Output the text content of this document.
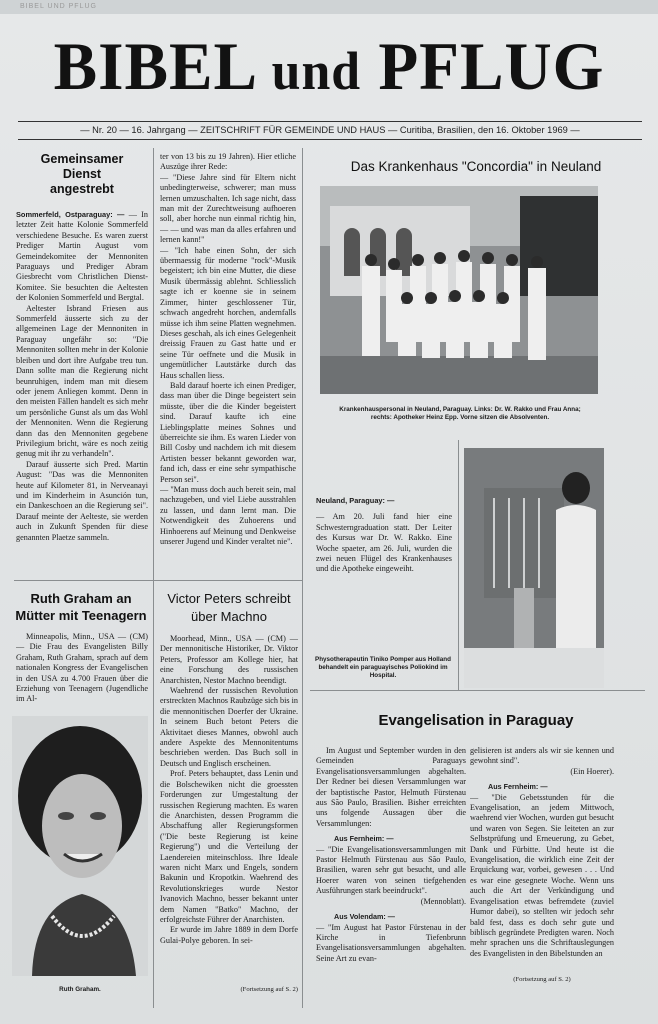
BIBEL UND PFLUG
BIBEL und PFLUG
— Nr. 20 — 16. Jahrgang — ZEITSCHRIFT FÜR GEMEINDE UND HAUS — Curitiba, Brasilien, den 16. Oktober 1969 —
Gemeinsamer
Dienst
angestrebt
Sommerfeld, Ostparaguay: — — In letzter Zeit hatte Kolonie Sommerfeld verschiedene Besuche. Es waren zuerst Prediger Martin August vom Gemeindekomitee der Mennoniten Paraguays und Prediger Abram Giesbrecht vom Christlichen Dienst-Komitee. Sie besuchten die Aeltesten der Kolonien Sommerfeld und Bergtal.

Aeltester Isbrand Friesen aus Sommerfeld äusserte sich zu der allgemeinen Lage der Mennoniten in Paraguay ungefähr so: "Die Mennoniten sollten mehr in der Kolonie bleiben und dort ihre Aufgabe treu tun. Dann sollte man die Regierung nicht beunruhigen, indem man mit diesem oder jenem Anliegen kommt. Denn in den meisten Fällen handelt es sich mehr um persönliche Gunst als um das Wohl der Mennoniten. Wenn die Regierung dann das den Mennoniten gegebene Privilegium bricht, wäre es noch zeitig genug mit ihr zu verhandeln".

Darauf äusserte sich Pred. Martin August: "Das was die Mennoniten heute auf Kilometer 81, in Nerveanayi und im Kinderheim in Asunción tun, ein Dankeschoen an die Regierung sei". Darauf meinte der Aelteste, sie werden auch in Zukunft Spenden für diese genannten Plaetze sammeln.

ter von 13 bis zu 19 Jahren). Hier etliche Auszüge ihrer Rede:

— "Diese Jahre sind für Eltern nicht unbedingterweise, schwerer; man muss lernen umzuschalten. Ich sage nicht, dass man mit der Zurechtweisung aufhoeren soll, aber horche nun einmal richtig hin, — — und was man da alles erfahren und lernen kann!"

— "Ich habe einen Sohn, der sich übermaessig für moderne "rock"-Musik begeistert; ich bin eine Mutter, die diese Musik übermässig ablehnt. Schliesslich sagte ich er koenne sie in seinem Zimmer, hinter geschlossener Tür, schwach angedreht horchen, andernfalls müsse ich ihm seine Platten wegnehmen. Dieses geschah, als ich eines Gelegenheit dreissig Frauen zu Gast hatte und er seine Tür oeffnete und die Musik in ungemütlicher Lautstärke durch das Haus schallen liess.

Bald darauf hoerte ich einen Prediger, dass man über die Dinge begeistert sein müsste, über die die Kinder begeistert sind. Darauf kaufte ich eine Lieblingsplatte meines Sohnes und überreichte sie ihm. Es waren Lieder von Bill Cosby und nachdem ich mit diesem Artisten besser bekannt geworden war, fand ich, dass er eine sehr sympathische Person sei".

— "Man muss doch auch bereit sein, mal nachzugeben, und viel Liebe ausstrahlen zu lassen, und dann lernt man. Die Notwendigkeit des Zuhoerens und Hinhoerens auf Meinung und Denkweise unserer Jugend und Kinder veraltet nie".

Ruth Graham an
Mütter mit Teenagern

Minneapolis, Minn., USA — (CM) — Die Frau des Evangelisten Billy Graham, Ruth Graham, sprach auf dem nationalen Kongress der Evangelischen in den USA zu 4.700 Frauen über die Erziehung von Teenagern (Jugendliche im Al-

Ruth Graham.
Victor Peters schreibt
über Machno

Moorhead, Minn., USA — (CM) — Der mennonitische Historiker, Dr. Viktor Peters, Professor am Kollege hier, hat eine Forschung des russischen Anarchisten, Nestor Machno beendigt.

Waehrend der russischen Revolution erstreckten Machnos Raubzüge sich bis in die mennonitischen Doerfer der Ukraine. In seinem Buch betont Peters die Aktivitaet dieses Mannes, obwohl auch andere Aspekte des Mennonitentums beschrieben werden. Das Buch soll in Deutsch und Englisch erscheinen.

Prof. Peters behauptet, dass Lenin und die Bolschewiken nicht die groessten Forderungen zur Umgestaltung der russischen Regierung machten. Es waren die Anarchisten, dessen Programm die Abschaffung aller Regierungsformen ("Die beste Regierung ist keine Regierung") und die Verteilung der Laendereien miteinschloss. Ihre Ideale waren nicht Marx und Engels, sondern Bakunin und Kropotkin. Waehrend des Revolutionskrieges wurde Nestor Ivanovich Machno, besser bekannt unter dem Namen "Batko" Machno, der erfolgreichste Führer der Anarchisten.

Er wurde im Jahre 1889 in dem Dorfe Gulai-Polye geboren. In sei-

(Fortsetzung auf S. 2)
Das Krankenhaus "Concordia" in Neuland
Krankenhauspersonal in Neuland, Paraguay. Links: Dr. W. Rakko und Frau Anna; rechts: Apotheker Heinz Epp. Vorne sitzen die Absolventen.

Neuland, Paraguay: —

— Am 20. Juli fand hier eine Schwesterngraduation statt. Der Leiter des Kursus war Dr. W. Rakko. Eine Woche spaeter, am 26. Juli, wurden die zwei neuen Flügel des Krankenhauses und die Apotheke eingeweiht.

Physotherapeutin Tiniko Pomper aus Holland behandelt ein paraguayisches Poliokind im Hospital.
Evangelisation in Paraguay

Im August und September wurden in den Gemeinden Paraguays Evangelisationsversammlungen abgehalten. Der Redner bei diesen Versammlungen war der baptistische Pastor, Helmuth Fürstenau aus São Paulo, Brasilien. Bisher erreichten uns folgende Aussagen über die Versammlungen:

Aus Fernheim: —

— "Die Evangelisationsversammlungen mit Pastor Helmuth Fürstenau aus São Paulo, Brasilien, waren sehr gut besucht, und alle Hoerer waren von seinen tiefgehenden Ausführungen stark beeindruckt".

(Mennoblatt).

Aus Volendam: —

— "Im August hat Pastor Fürstenau in der Kirche in Tiefenbrunn Evangelisationsversammlungen abgehalten. Seine Art zu evan-

gelisieren ist anders als wir sie kennen und gewohnt sind".

(Ein Hoerer).

Aus Fernheim: —

— "Die Gebetsstunden für die Evangelisation, an jedem Mittwoch, waehrend vier Wochen, wurden gut besucht und waren von Segen. Sie leiteten an zur Selbstprüfung und Erneuerung, zu Gebet, Dank und Fürbitte. Und heute ist die Evangelisation, die wirklich eine Zeit der Erquickung war, vorbei, gewesen . . . Und es war eine gesegnete Woche. Wenn uns auch die Art der Verkündigung und Evangelisation etwas befremdete (zuviel Humor dabei), so stellten wir jedoch sehr bald fest, dass es doch sehr gute und biblisch gegründete Predigten waren. Noch mehr sprachen uns die Schriftauslegungen des Evangelisten in den Bibelstunden an

(Fortsetzung auf S. 2)
